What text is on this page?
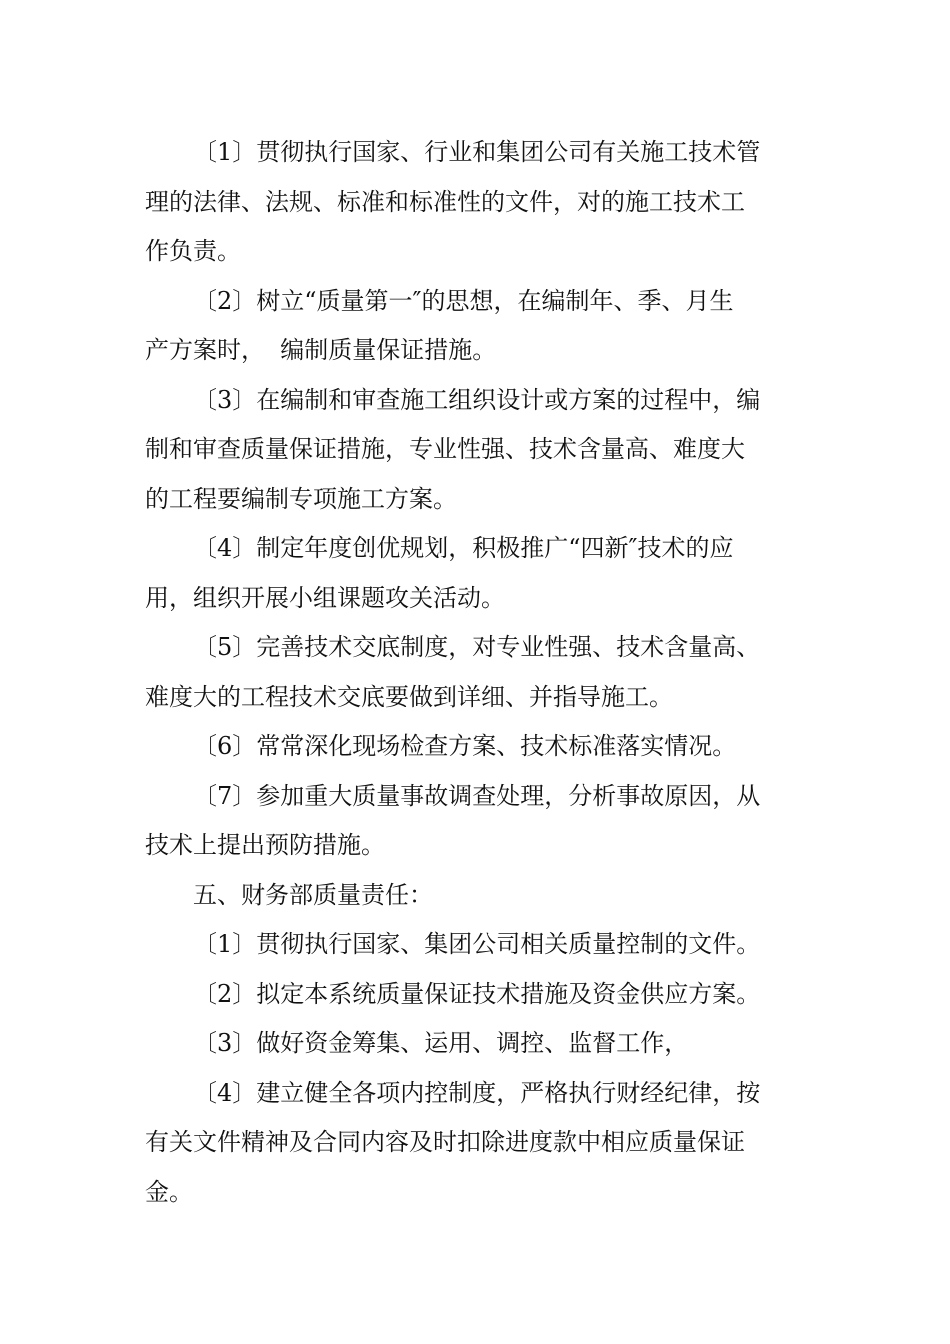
〔1〕贯彻执行国家、行业和集团公司有关施工技术管
理的法律、法规、标准和标准性的文件，对的施工技术工
作负责。

〔2〕树立“质量第一″的思想，在编制年、季、月生
产方案时，  编制质量保证措施。

〔3〕在编制和审查施工组织设计或方案的过程中，编
制和审查质量保证措施，专业性强、技术含量高、难度大
的工程要编制专项施工方案。

〔4〕制定年度创优规划，积极推广“四新″技术的应
用，组织开展小组课题攻关活动。

〔5〕完善技术交底制度，对专业性强、技术含量高、
难度大的工程技术交底要做到详细、并指导施工。

〔6〕常常深化现场检查方案、技术标准落实情况。

〔7〕参加重大质量事故调查处理，分析事故原因，从
技术上提出预防措施。

五、财务部质量责任：

〔1〕贯彻执行国家、集团公司相关质量控制的文件。

〔2〕拟定本系统质量保证技术措施及资金供应方案。

〔3〕做好资金筹集、运用、调控、监督工作，

〔4〕建立健全各项内控制度，严格执行财经纪律，按
有关文件精神及合同内容及时扣除进度款中相应质量保证
金。
